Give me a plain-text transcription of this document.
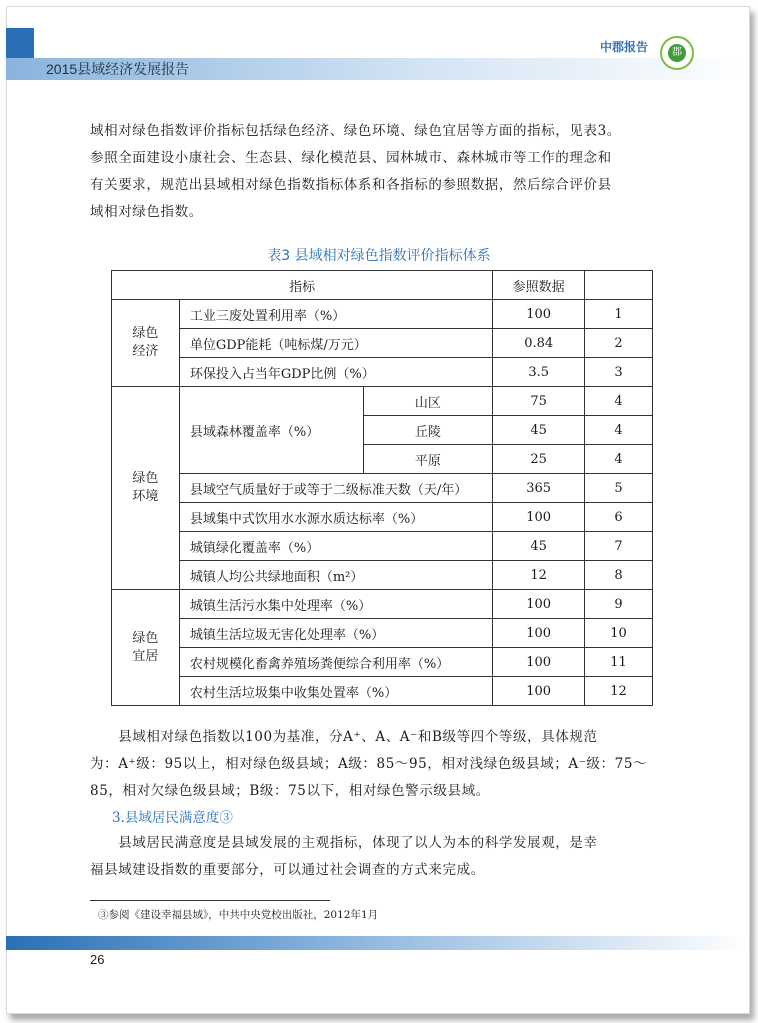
2015县域经济发展报告
中郡报告	郡
域相对绿色指数评价指标包括绿色经济、绿色环境、绿色宜居等方面的指标，见表3。
参照全面建设小康社会、生态县、绿化模范县、园林城市、森林城市等工作的理念和
有关要求，规范出县域相对绿色指数指标体系和各指标的参照数据，然后综合评价县
域相对绿色指数。
表3 县域相对绿色指数评价指标体系
指标			参照数据	
绿色
经济	工业三废处置利用率（%）		100	1
	单位GDP能耗（吨标煤/万元）		0.84	2
	环保投入占当年GDP比例（%）		3.5	3
绿色
环境	县域森林覆盖率（%）	山区	75	4
		丘陵	45	4
		平原	25	4
	县域空气质量好于或等于二级标准天数（天/年）		365	5
	县域集中式饮用水水源水质达标率（%）		100	6
	城镇绿化覆盖率（%）		45	7
	城镇人均公共绿地面积（m²）		12	8
绿色
宜居	城镇生活污水集中处理率（%）		100	9
	城镇生活垃圾无害化处理率（%）		100	10
	农村规模化畜禽养殖场粪便综合利用率（%）		100	11
	农村生活垃圾集中收集处置率（%）		100	12
　　县域相对绿色指数以100为基准，分A⁺、A、A⁻和B级等四个等级，具体规范
为：A⁺级：95以上，相对绿色级县域；A级：85～95，相对浅绿色级县域；A⁻级：75～
85，相对欠绿色级县域；B级：75以下，相对绿色警示级县域。
3.县域居民满意度③
　　县域居民满意度是县域发展的主观指标，体现了以人为本的科学发展观，是幸
福县域建设指数的重要部分，可以通过社会调查的方式来完成。
③参阅《建设幸福县域》，中共中央党校出版社，2012年1月
26
